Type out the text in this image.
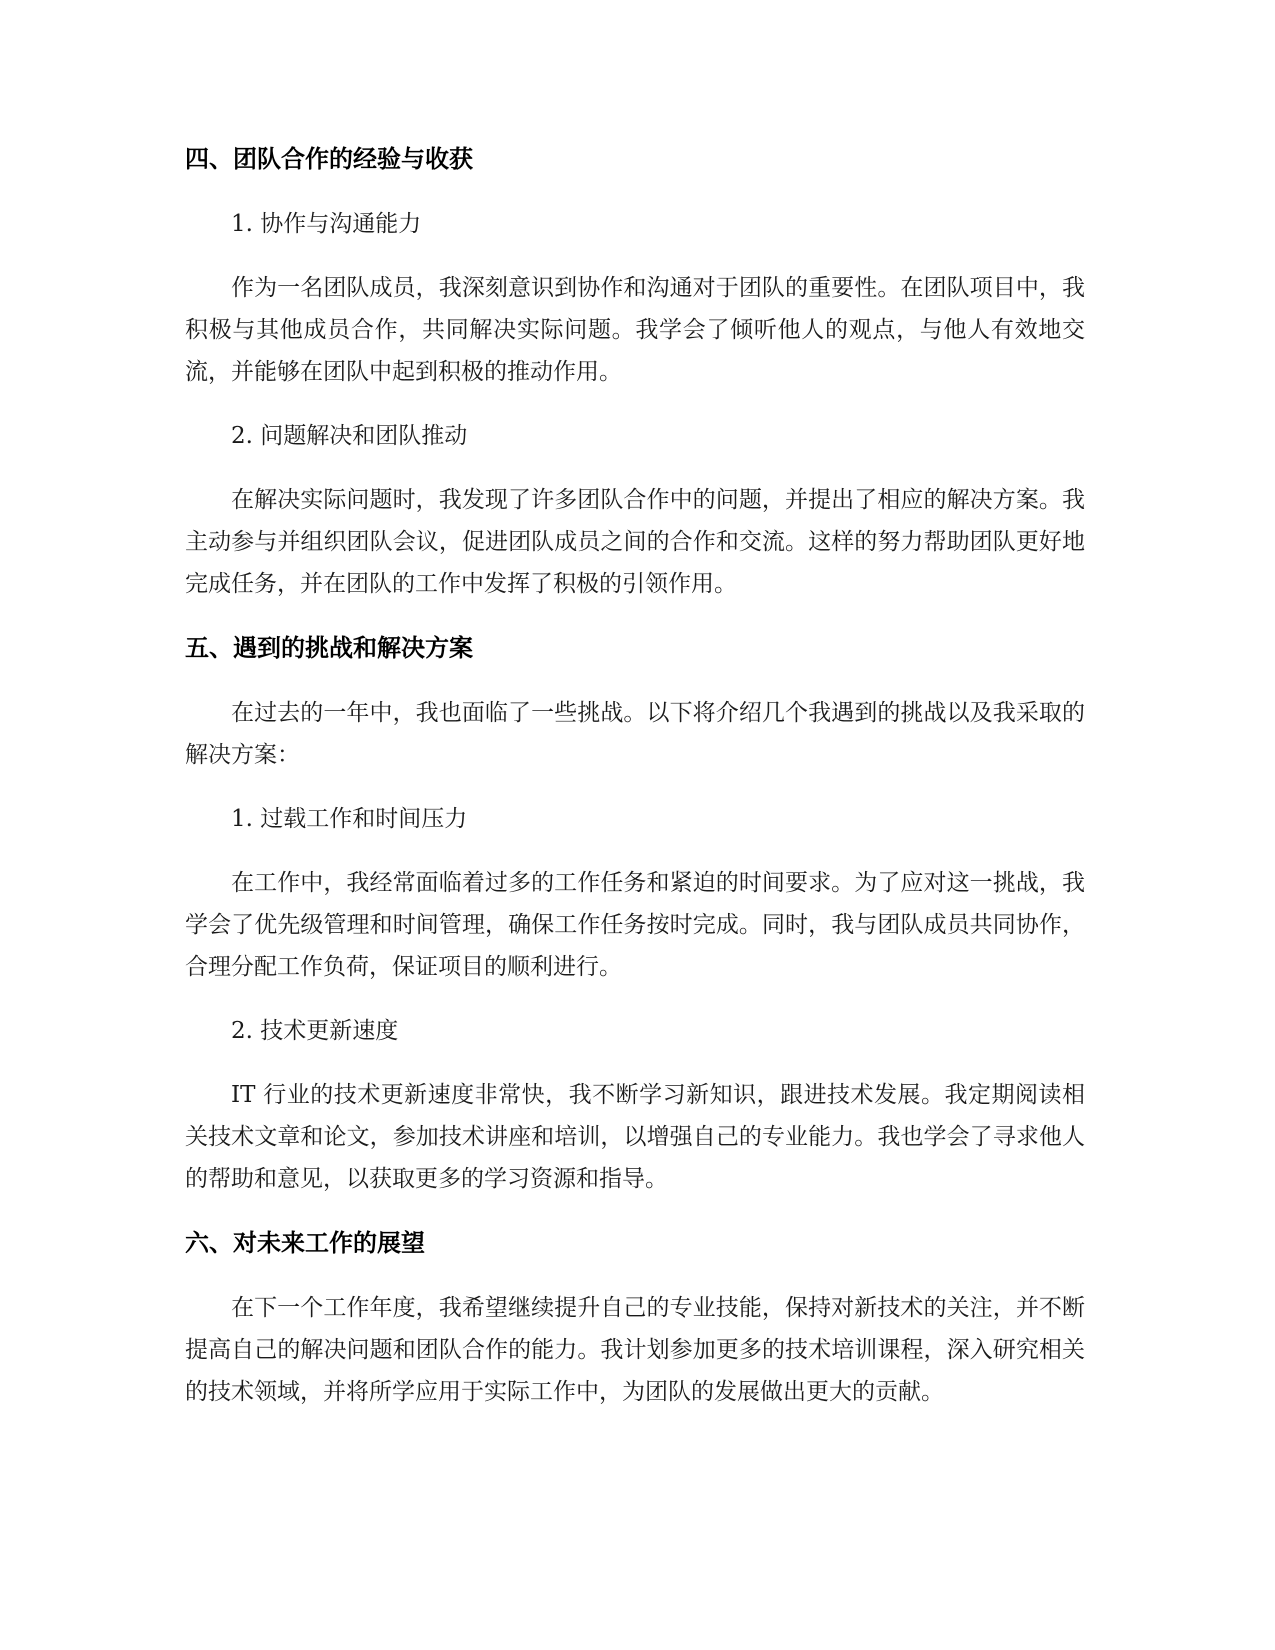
四、团队合作的经验与收获
1. 协作与沟通能力

作为一名团队成员，我深刻意识到协作和沟通对于团队的重要性。在团队项目中，我积极与其他成员合作，共同解决实际问题。我学会了倾听他人的观点，与他人有效地交流，并能够在团队中起到积极的推动作用。

2. 问题解决和团队推动

在解决实际问题时，我发现了许多团队合作中的问题，并提出了相应的解决方案。我主动参与并组织团队会议，促进团队成员之间的合作和交流。这样的努力帮助团队更好地完成任务，并在团队的工作中发挥了积极的引领作用。

五、遇到的挑战和解决方案

在过去的一年中，我也面临了一些挑战。以下将介绍几个我遇到的挑战以及我采取的解决方案：

1. 过载工作和时间压力

在工作中，我经常面临着过多的工作任务和紧迫的时间要求。为了应对这一挑战，我学会了优先级管理和时间管理，确保工作任务按时完成。同时，我与团队成员共同协作，合理分配工作负荷，保证项目的顺利进行。

2. 技术更新速度

IT 行业的技术更新速度非常快，我不断学习新知识，跟进技术发展。我定期阅读相关技术文章和论文，参加技术讲座和培训，以增强自己的专业能力。我也学会了寻求他人的帮助和意见，以获取更多的学习资源和指导。

六、对未来工作的展望

在下一个工作年度，我希望继续提升自己的专业技能，保持对新技术的关注，并不断提高自己的解决问题和团队合作的能力。我计划参加更多的技术培训课程，深入研究相关的技术领域，并将所学应用于实际工作中，为团队的发展做出更大的贡献。
